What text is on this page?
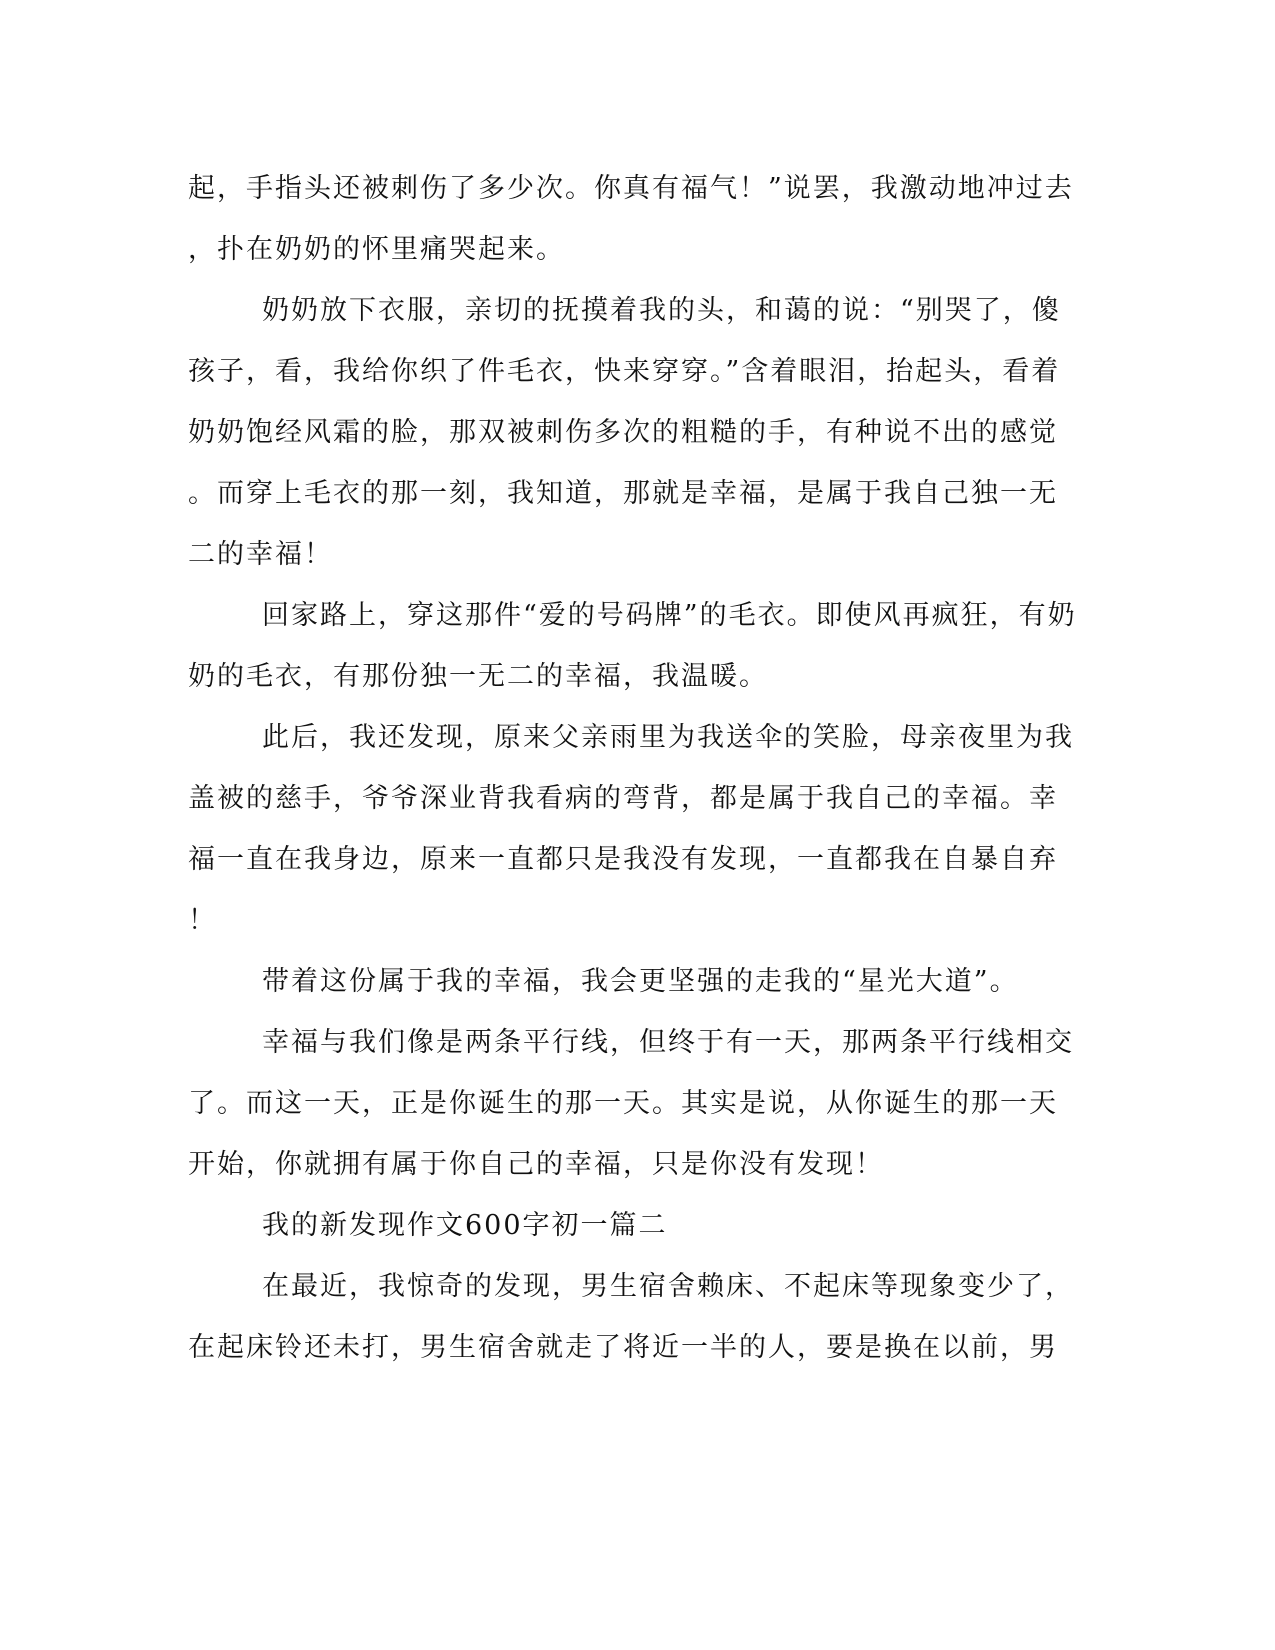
起，手指头还被刺伤了多少次。你真有福气！”说罢，我激动地冲过去
，扑在奶奶的怀里痛哭起来。
奶奶放下衣服，亲切的抚摸着我的头，和蔼的说：“别哭了，傻
孩子，看，我给你织了件毛衣，快来穿穿。”含着眼泪，抬起头，看着
奶奶饱经风霜的脸，那双被刺伤多次的粗糙的手，有种说不出的感觉
。而穿上毛衣的那一刻，我知道，那就是幸福，是属于我自己独一无
二的幸福！
回家路上，穿这那件“爱的号码牌”的毛衣。即使风再疯狂，有奶
奶的毛衣，有那份独一无二的幸福，我温暖。
此后，我还发现，原来父亲雨里为我送伞的笑脸，母亲夜里为我
盖被的慈手，爷爷深业背我看病的弯背，都是属于我自己的幸福。幸
福一直在我身边，原来一直都只是我没有发现，一直都我在自暴自弃
！
带着这份属于我的幸福，我会更坚强的走我的“星光大道”。
幸福与我们像是两条平行线，但终于有一天，那两条平行线相交
了。而这一天，正是你诞生的那一天。其实是说，从你诞生的那一天
开始，你就拥有属于你自己的幸福，只是你没有发现！
我的新发现作文600字初一篇二
在最近，我惊奇的发现，男生宿舍赖床、不起床等现象变少了，
在起床铃还未打，男生宿舍就走了将近一半的人，要是换在以前，男
